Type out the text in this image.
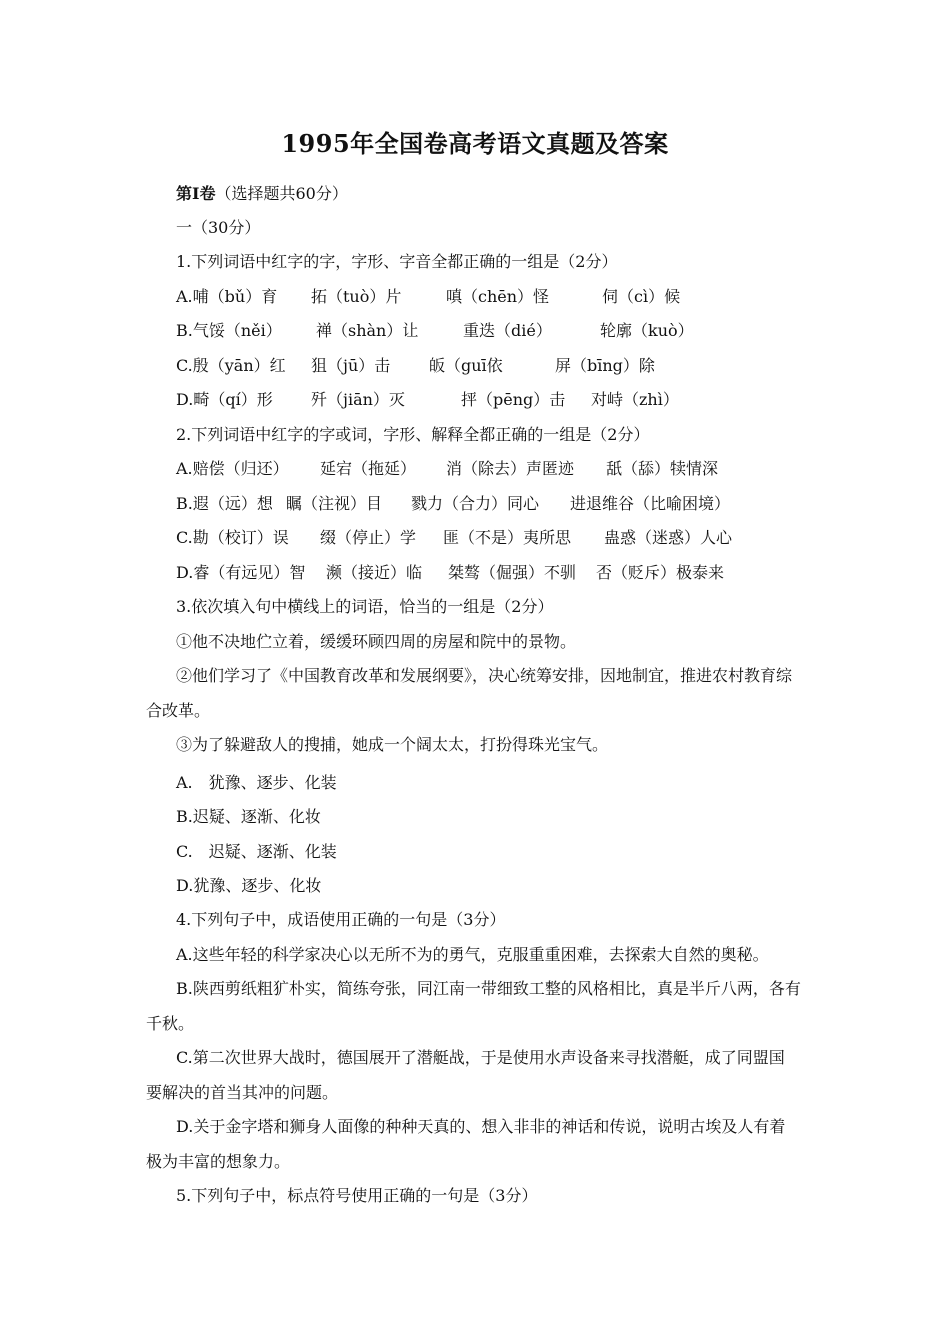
1995年全国卷高考语文真题及答案
第Ⅰ卷（选择题共60分）
一（30分）
1.下列词语中红字的字，字形、字音全都正确的一组是（2分）
A.哺（bǔ）育 拓（tuò）片	嗔（chēn）怪	伺（cì）候
B.气馁（něi） 禅（shàn）让	重迭（dié）	轮廓（kuò）
C.殷（yān）红 狙（jū）击 皈（guī依	屏（bīng）除
D.畸（qí）形 歼（jiān）灭	抨（pēng）击 对峙（zhì）
2.下列词语中红字的字或词，字形、解释全都正确的一组是（2分）
A.赔偿（归还） 延宕（拖延） 消（除去）声匿迹 舐（舔）犊情深
B.遐（远）想 瞩（注视）目 戮力（合力）同心 进退维谷（比喻困境）
C.勘（校订）误 缀（停止）学 匪（不是）夷所思 蛊惑（迷惑）人心
D.睿（有远见）智 濒（接近）临 桀骜（倔强）不驯 否（贬斥）极泰来
3.依次填入句中横线上的词语，恰当的一组是（2分）
①他不决地伫立着，缓缓环顾四周的房屋和院中的景物。
②他们学习了《中国教育改革和发展纲要》，决心统筹安排，因地制宜，推进农村教育综
合改革。
③为了躲避敌人的搜捕，她成一个阔太太，打扮得珠光宝气。
A.　犹豫、逐步、化装
B.迟疑、逐渐、化妆
C.　迟疑、逐渐、化装
D.犹豫、逐步、化妆
4.下列句子中，成语使用正确的一句是（3分）
A.这些年轻的科学家决心以无所不为的勇气，克服重重困难，去探索大自然的奥秘。
B.陕西剪纸粗犷朴实，简练夸张，同江南一带细致工整的风格相比，真是半斤八两，各有
千秋。
C.第二次世界大战时，德国展开了潜艇战，于是使用水声设备来寻找潜艇，成了同盟国
要解决的首当其冲的问题。
D.关于金字塔和狮身人面像的种种天真的、想入非非的神话和传说，说明古埃及人有着
极为丰富的想象力。
5.下列句子中，标点符号使用正确的一句是（3分）
